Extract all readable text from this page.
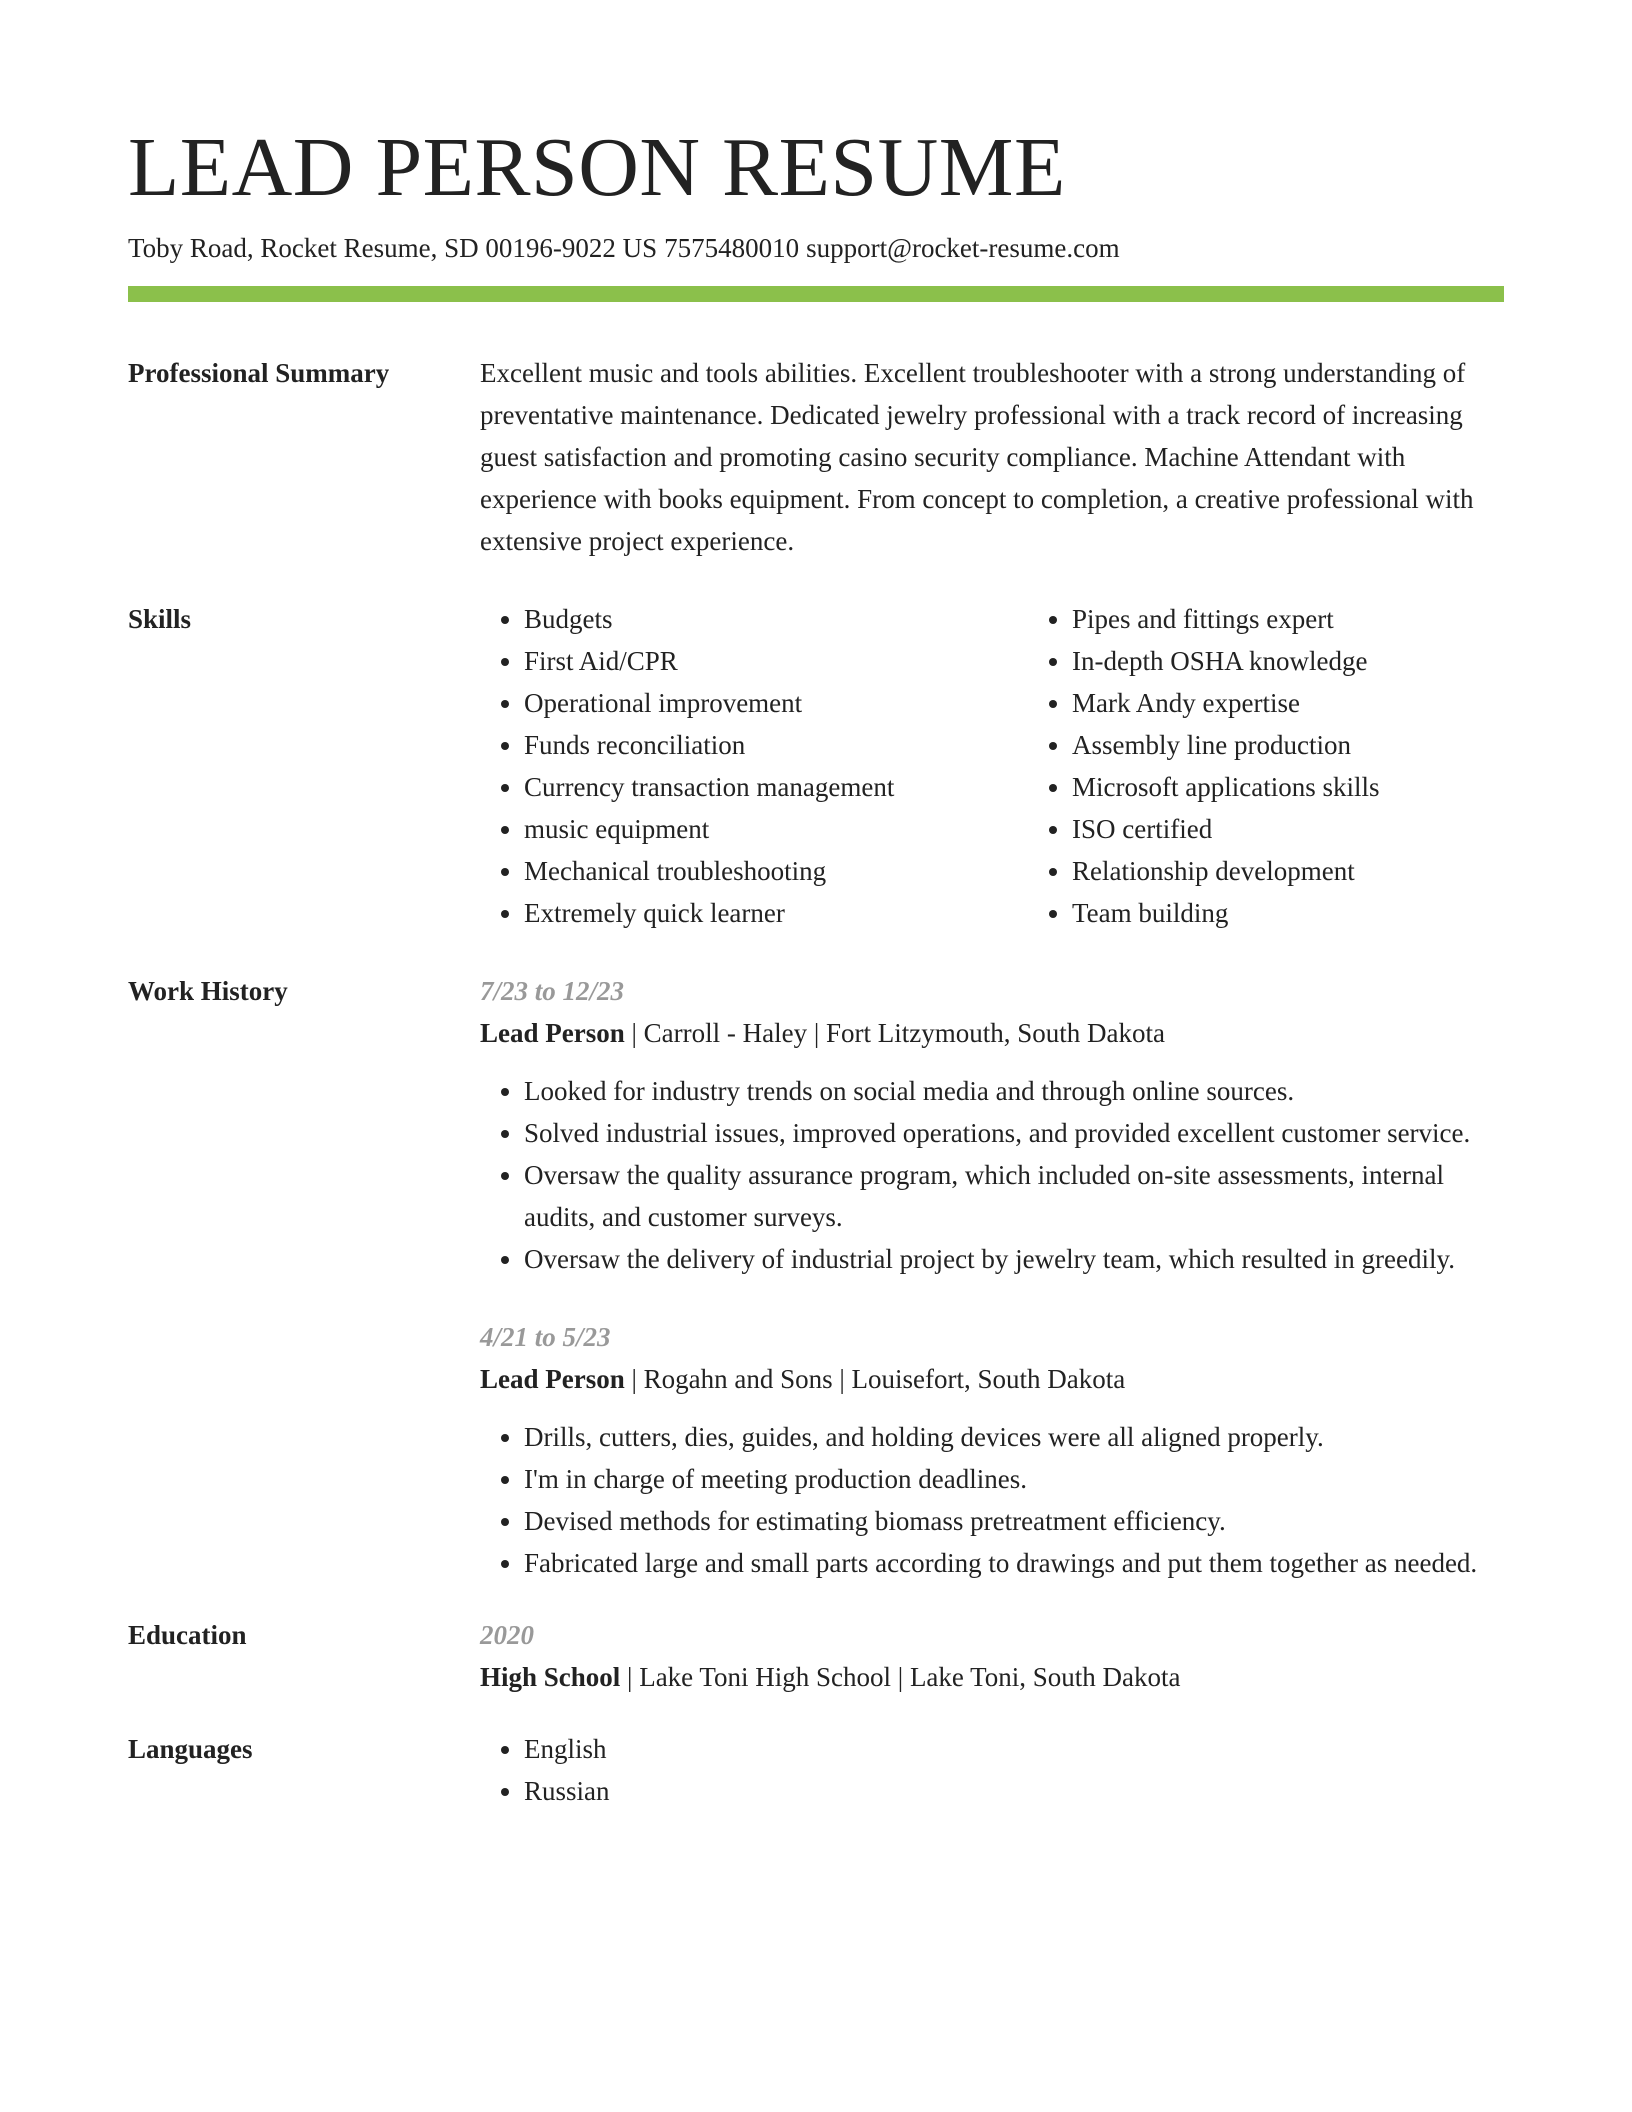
LEAD PERSON RESUME
Toby Road, Rocket Resume, SD 00196-9022 US 7575480010 support@rocket-resume.com
Professional Summary	Excellent music and tools abilities. Excellent troubleshooter with a strong understanding of preventative maintenance. Dedicated jewelry professional with a track record of increasing guest satisfaction and promoting casino security compliance. Machine Attendant with experience with books equipment. From concept to completion, a creative professional with extensive project experience.
Skills	• Budgets
• First Aid/CPR
• Operational improvement
• Funds reconciliation
• Currency transaction management
• music equipment
• Mechanical troubleshooting
• Extremely quick learner
• Pipes and fittings expert
• In-depth OSHA knowledge
• Mark Andy expertise
• Assembly line production
• Microsoft applications skills
• ISO certified
• Relationship development
• Team building
Work History	7/23 to 12/23
Lead Person | Carroll - Haley | Fort Litzymouth, South Dakota
• Looked for industry trends on social media and through online sources.
• Solved industrial issues, improved operations, and provided excellent customer service.
• Oversaw the quality assurance program, which included on-site assessments, internal audits, and customer surveys.
• Oversaw the delivery of industrial project by jewelry team, which resulted in greedily.
4/21 to 5/23
Lead Person | Rogahn and Sons | Louisefort, South Dakota
• Drills, cutters, dies, guides, and holding devices were all aligned properly.
• I'm in charge of meeting production deadlines.
• Devised methods for estimating biomass pretreatment efficiency.
• Fabricated large and small parts according to drawings and put them together as needed.
Education	2020
High School | Lake Toni High School | Lake Toni, South Dakota
Languages	• English
• Russian
